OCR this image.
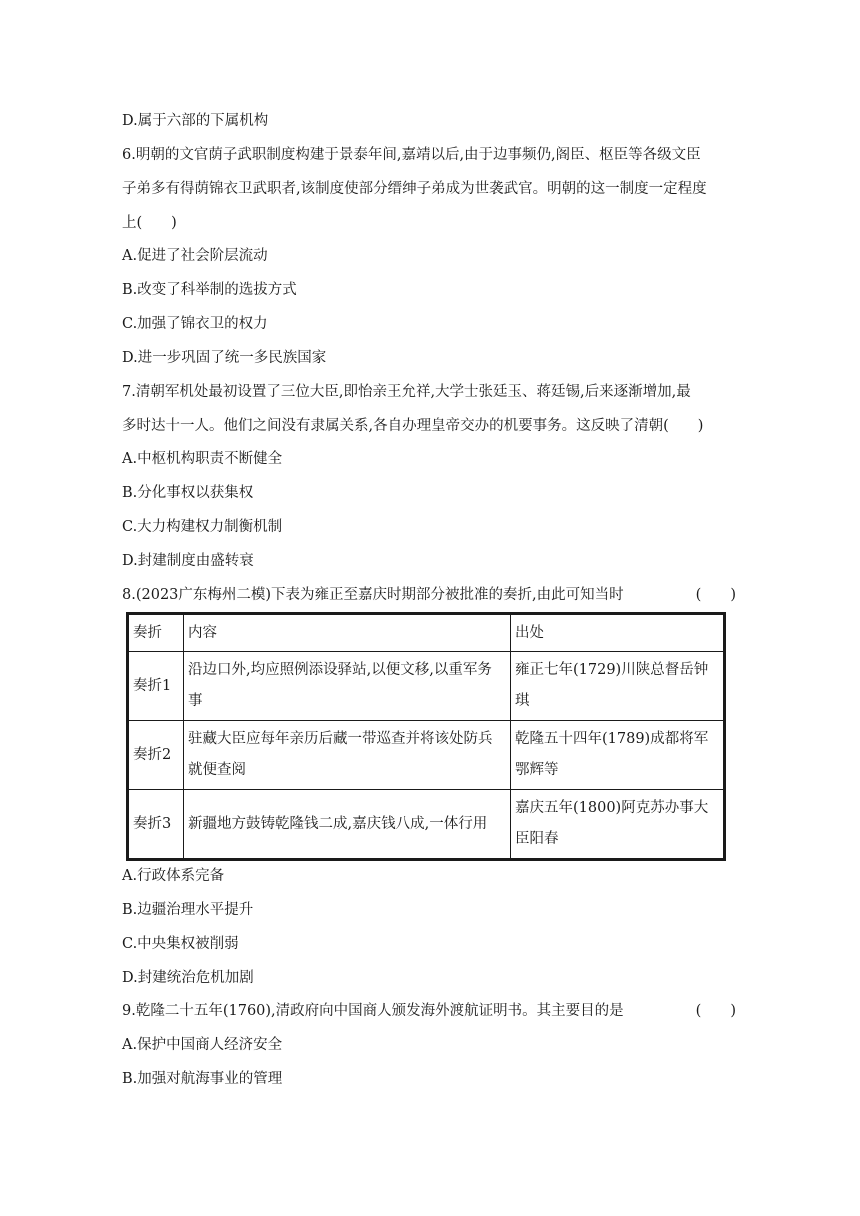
D.属于六部的下属机构
6.明朝的文官荫子武职制度构建于景泰年间,嘉靖以后,由于边事频仍,阁臣、枢臣等各级文臣
子弟多有得荫锦衣卫武职者,该制度使部分缙绅子弟成为世袭武官。明朝的这一制度一定程度
上(　　)
A.促进了社会阶层流动
B.改变了科举制的选拔方式
C.加强了锦衣卫的权力
D.进一步巩固了统一多民族国家
7.清朝军机处最初设置了三位大臣,即怡亲王允祥,大学士张廷玉、蒋廷锡,后来逐渐增加,最
多时达十一人。他们之间没有隶属关系,各自办理皇帝交办的机要事务。这反映了清朝(　　)
A.中枢机构职责不断健全
B.分化事权以获集权
C.大力构建权力制衡机制
D.封建制度由盛转衰
8.(2023广东梅州二模)下表为雍正至嘉庆时期部分被批准的奏折,由此可知当时	(　　)
奏折	内容	出处
奏折1	沿边口外,均应照例添设驿站,以便文移,以重军务事	雍正七年(1729)川陕总督岳钟琪
奏折2	驻藏大臣应每年亲历后藏一带巡查并将该处防兵就便查阅	乾隆五十四年(1789)成都将军鄂辉等
奏折3	新疆地方鼓铸乾隆钱二成,嘉庆钱八成,一体行用	嘉庆五年(1800)阿克苏办事大臣阳春
A.行政体系完备
B.边疆治理水平提升
C.中央集权被削弱
D.封建统治危机加剧
9.乾隆二十五年(1760),清政府向中国商人颁发海外渡航证明书。其主要目的是	(　　)
A.保护中国商人经济安全
B.加强对航海事业的管理
